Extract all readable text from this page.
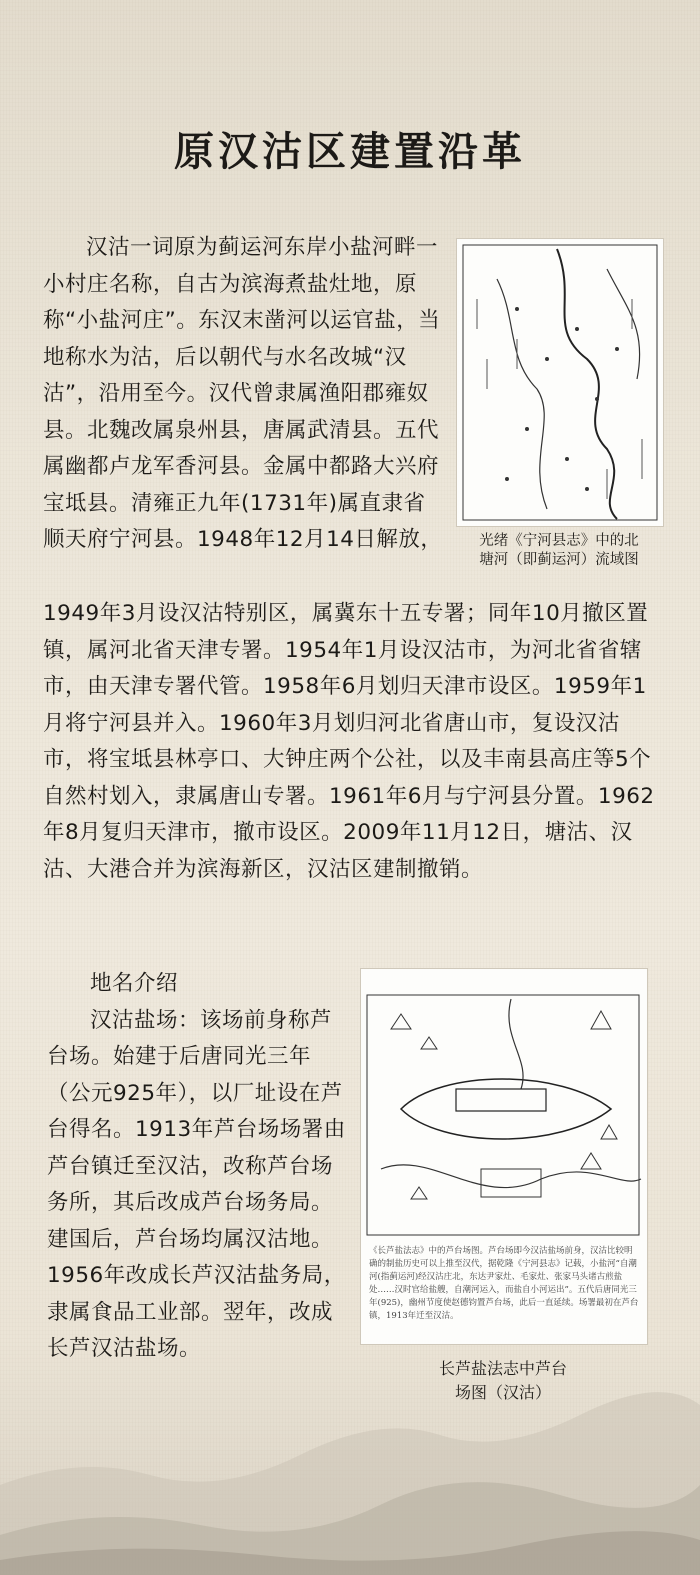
原汉沽区建置沿革
汉沽一词原为蓟运河东岸小盐河畔一小村庄名称，自古为滨海煮盐灶地，原称“小盐河庄”。东汉末凿河以运官盐，当地称水为沽，后以朝代与水名改城“汉沽”，沿用至今。汉代曾隶属渔阳郡雍奴县。北魏改属泉州县，唐属武清县。五代属幽都卢龙军香河县。金属中都路大兴府宝坻县。清雍正九年(1731年)属直隶省顺天府宁河县。1948年12月14日解放，	光绪《宁河县志》中的北
塘河（即蓟运河）流域图
1949年3月设汉沽特别区，属冀东十五专署；同年10月撤区置镇，属河北省天津专署。1954年1月设汉沽市，为河北省省辖市，由天津专署代管。1958年6月划归天津市设区。1959年1月将宁河县并入。1960年3月划归河北省唐山市，复设汉沽市，将宝坻县林亭口、大钟庄两个公社，以及丰南县高庄等5个自然村划入，隶属唐山专署。1961年6月与宁河县分置。1962年8月复归天津市，撤市设区。2009年11月12日，塘沽、汉沽、大港合并为滨海新区，汉沽区建制撤销。
地名介绍
汉沽盐场：该场前身称芦台场。始建于后唐同光三年（公元925年），以厂址设在芦台得名。1913年芦台场场署由芦台镇迁至汉沽，改称芦台场务所，其后改成芦台场务局。建国后，芦台场均属汉沽地。1956年改成长芦汉沽盐务局，隶属食品工业部。翌年，改成长芦汉沽盐场。
《长芦盐法志》中的芦台场图。芦台场即今汉沽盐场前身，汉沽比较明确的制盐历史可以上推至汉代，据乾隆《宁河县志》记载，小盐河“自潮河(指蓟运河)经汉沽庄北，东达尹家灶、毛家灶、张家马头诸古煎盐处……汉时官给盐艘，自潮河运入，而盐自小河运出”。五代后唐同光三年(925)，幽州节度使赵德钧置芦台场，此后一直延续。场署最初在芦台镇，1913年迁至汉沽。
长芦盐法志中芦台
场图（汉沽）
